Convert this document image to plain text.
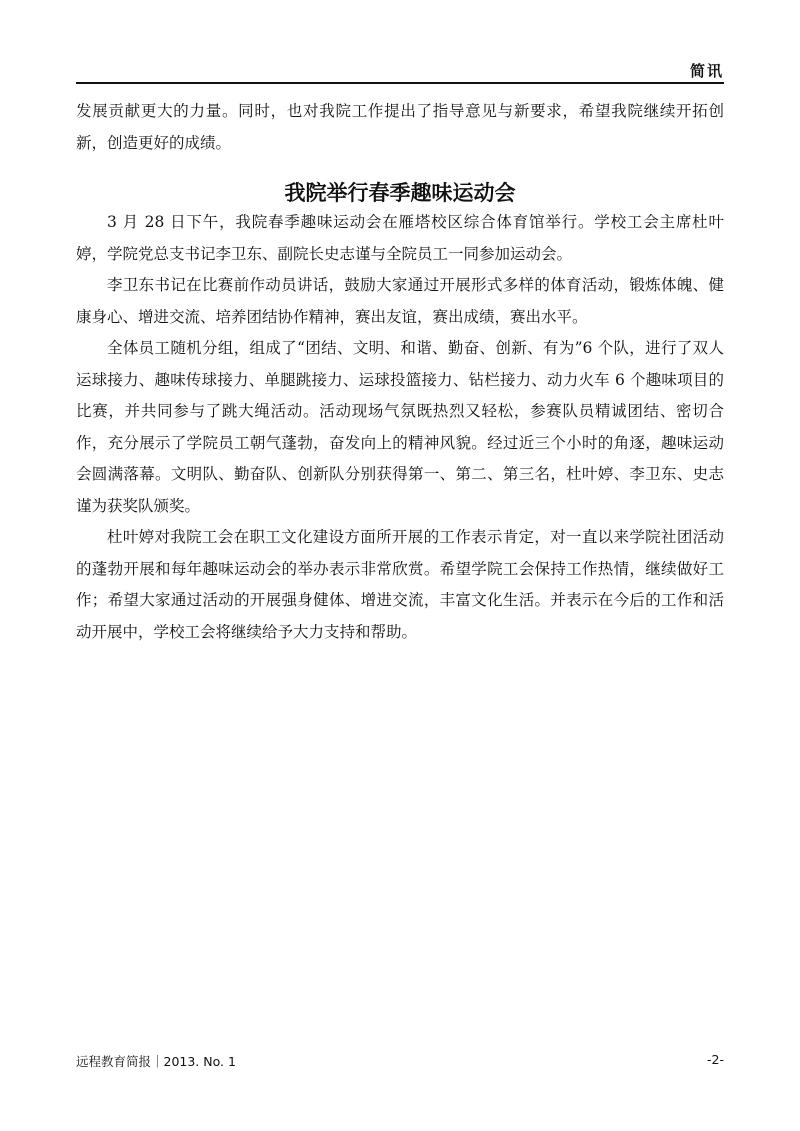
简讯

发展贡献更大的力量。同时，也对我院工作提出了指导意见与新要求，希望我院继续开拓创新，创造更好的成绩。

我院举行春季趣味运动会

3 月 28 日下午，我院春季趣味运动会在雁塔校区综合体育馆举行。学校工会主席杜叶婷，学院党总支书记李卫东、副院长史志谨与全院员工一同参加运动会。

李卫东书记在比赛前作动员讲话，鼓励大家通过开展形式多样的体育活动，锻炼体魄、健康身心、增进交流、培养团结协作精神，赛出友谊，赛出成绩，赛出水平。

全体员工随机分组，组成了“团结、文明、和谐、勤奋、创新、有为”6 个队，进行了双人运球接力、趣味传球接力、单腿跳接力、运球投篮接力、钻栏接力、动力火车 6 个趣味项目的比赛，并共同参与了跳大绳活动。活动现场气氛既热烈又轻松，参赛队员精诚团结、密切合作，充分展示了学院员工朝气蓬勃，奋发向上的精神风貌。经过近三个小时的角逐，趣味运动会圆满落幕。文明队、勤奋队、创新队分别获得第一、第二、第三名，杜叶婷、李卫东、史志谨为获奖队颁奖。

杜叶婷对我院工会在职工文化建设方面所开展的工作表示肯定，对一直以来学院社团活动的蓬勃开展和每年趣味运动会的举办表示非常欣赏。希望学院工会保持工作热情，继续做好工作；希望大家通过活动的开展强身健体、增进交流，丰富文化生活。并表示在今后的工作和活动开展中，学校工会将继续给予大力支持和帮助。

远程教育简报｜2013. No. 1	-2-
